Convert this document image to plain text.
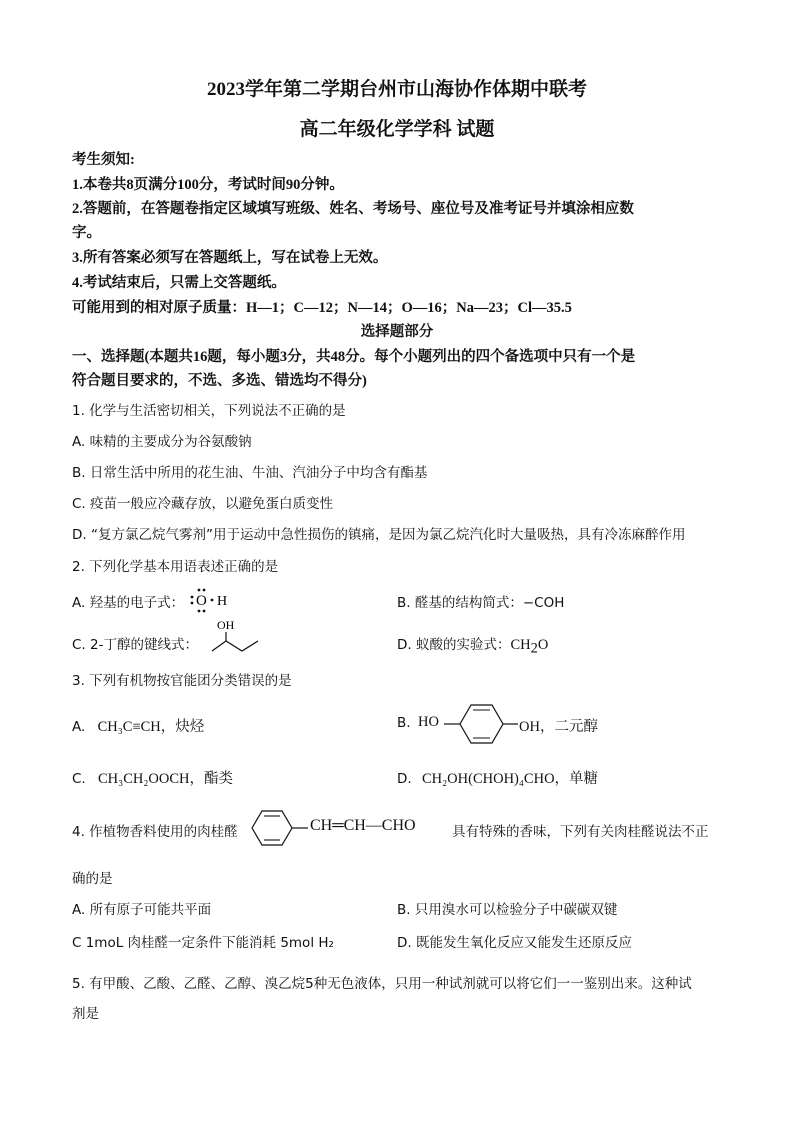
2023学年第二学期台州市山海协作体期中联考
高二年级化学学科 试题
考生须知:
1.本卷共8页满分100分，考试时间90分钟。
2.答题前，在答题卷指定区域填写班级、姓名、考场号、座位号及准考证号并填涂相应数
字。
3.所有答案必须写在答题纸上，写在试卷上无效。
4.考试结束后，只需上交答题纸。
可能用到的相对原子质量：H—1；C—12；N—14；O—16；Na—23；Cl—35.5
选择题部分
一、选择题(本题共16题，每小题3分，共48分。每个小题列出的四个备选项中只有一个是
符合题目要求的，不选、多选、错选均不得分)
1. 化学与生活密切相关，下列说法不正确的是
A. 味精的主要成分为谷氨酸钠
B. 日常生活中所用的花生油、牛油、汽油分子中均含有酯基
C. 疫苗一般应冷藏存放，以避免蛋白质变性
D. “复方氯乙烷气雾剂”用于运动中急性损伤的镇痛，是因为氯乙烷汽化时大量吸热，具有冷冻麻醉作用
2. 下列化学基本用语表述正确的是
A. 羟基的电子式： O H	B. 醛基的结构简式：−COH
C. 2-丁醇的键线式：
OH
D. 蚁酸的实验式：$CH_2O$
3. 下列有机物按官能团分类错误的是
A. CH₃C≡CH，炔烃	B. HO	OH，二元醇
C. CH₃CH₂OOCH，酯类	D. CH₂OH(CHOH)₄CHO，单糖
4. 作植物香料使用的肉桂醛	CH═CH—CHO	具有特殊的香味，下列有关肉桂醛说法不正
确的是
A. 所有原子可能共平面	B. 只用溴水可以检验分子中碳碳双键
C 1moL 肉桂醛一定条件下能消耗 5mol H₂	D. 既能发生氧化反应又能发生还原反应
5. 有甲酸、乙酸、乙醛、乙醇、溴乙烷5种无色液体，只用一种试剂就可以将它们一一鉴别出来。这种试
剂是
